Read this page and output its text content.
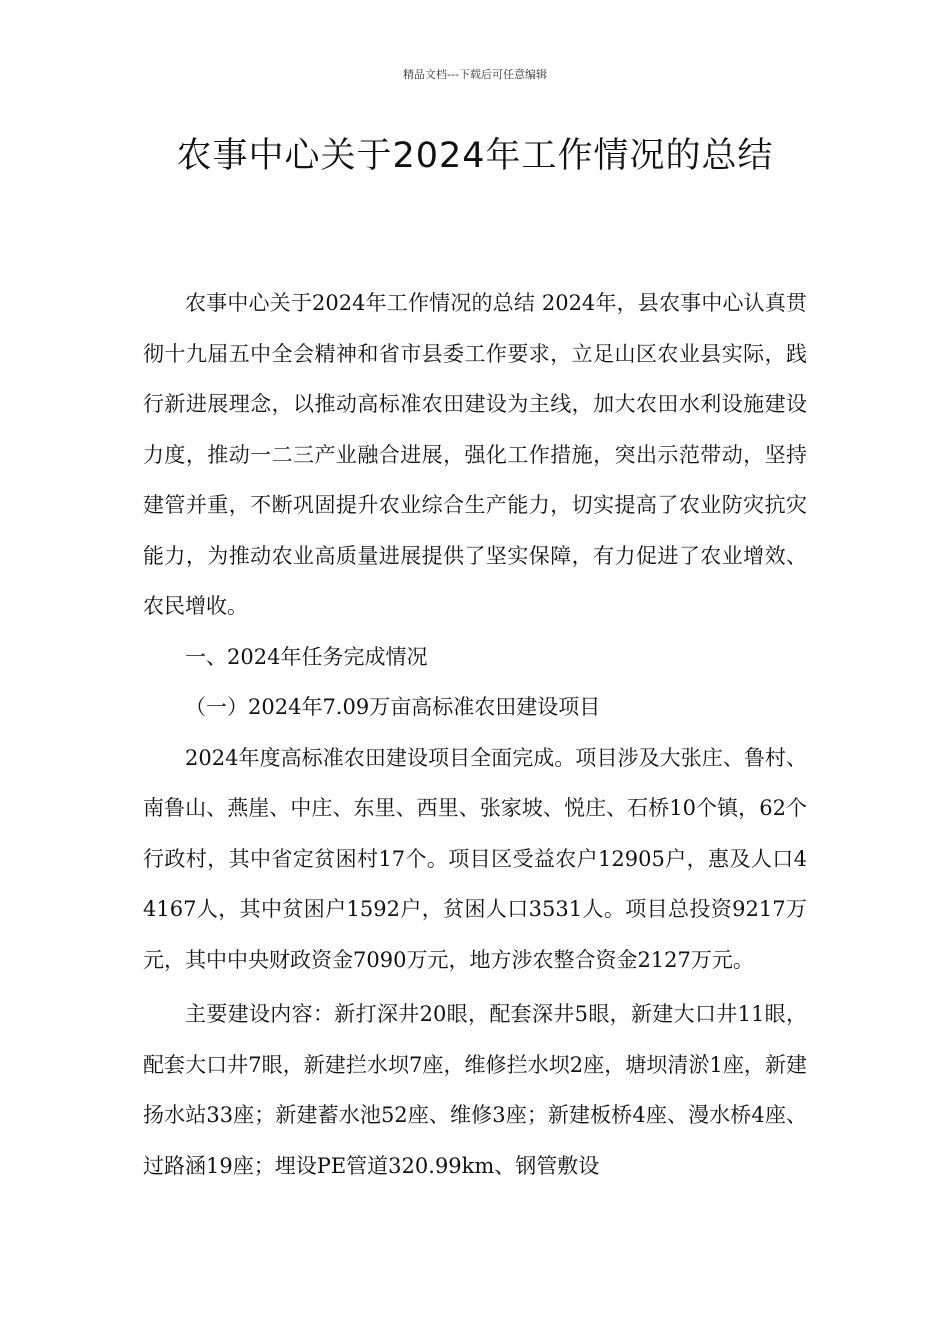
精品文档---下载后可任意编辑
农事中心关于2024年工作情况的总结

农事中心关于2024年工作情况的总结 2024年，县农事中心认真贯彻十九届五中全会精神和省市县委工作要求，立足山区农业县实际，践行新进展理念，以推动高标准农田建设为主线，加大农田水利设施建设力度，推动一二三产业融合进展，强化工作措施，突出示范带动，坚持建管并重，不断巩固提升农业综合生产能力，切实提高了农业防灾抗灾能力，为推动农业高质量进展提供了坚实保障，有力促进了农业增效、农民增收。

一、2024年任务完成情况

（一）2024年7.09万亩高标准农田建设项目

2024年度高标准农田建设项目全面完成。项目涉及大张庄、鲁村、南鲁山、燕崖、中庄、东里、西里、张家坡、悦庄、石桥10个镇，62个行政村，其中省定贫困村17个。项目区受益农户12905户，惠及人口44167人，其中贫困户1592户，贫困人口3531人。项目总投资9217万元，其中中央财政资金7090万元，地方涉农整合资金2127万元。

主要建设内容：新打深井20眼，配套深井5眼，新建大口井11眼，配套大口井7眼，新建拦水坝7座，维修拦水坝2座，塘坝清淤1座，新建扬水站33座；新建蓄水池52座、维修3座；新建板桥4座、漫水桥4座、过路涵19座；埋设PE管道320.99km、钢管敷设
